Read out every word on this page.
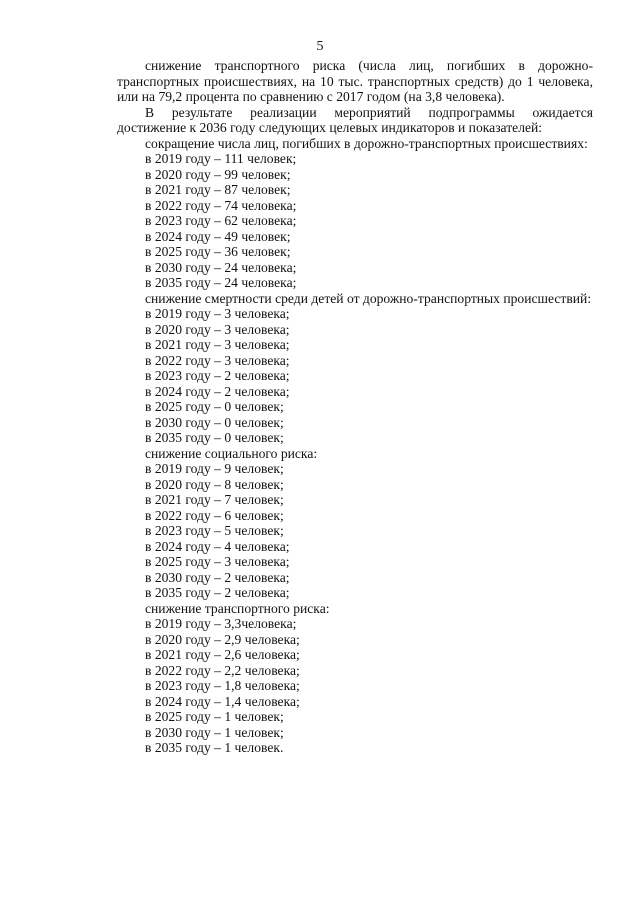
5

снижение транспортного риска (числа лиц, погибших в дорожно-транспортных происшествиях, на 10 тыс. транспортных средств) до 1 человека, или на 79,2 процента по сравнению с 2017 годом (на 3,8 человека).

В результате реализации мероприятий подпрограммы ожидается достижение к 2036 году следующих целевых индикаторов и показателей:

сокращение числа лиц, погибших в дорожно-транспортных происшествиях:

в 2019 году – 111 человек;
в 2020 году – 99 человек;
в 2021 году – 87 человек;
в 2022 году – 74 человека;
в 2023 году – 62 человека;
в 2024 году – 49 человек;
в 2025 году – 36 человек;
в 2030 году – 24 человека;
в 2035 году – 24 человека;

снижение смертности среди детей от дорожно-транспортных происшествий:

в 2019 году – 3 человека;
в 2020 году – 3 человека;
в 2021 году – 3 человека;
в 2022 году – 3 человека;
в 2023 году – 2 человека;
в 2024 году – 2 человека;
в 2025 году – 0 человек;
в 2030 году – 0 человек;
в 2035 году – 0 человек;

снижение социального риска:

в 2019 году – 9 человек;
в 2020 году – 8 человек;
в 2021 году – 7 человек;
в 2022 году – 6 человек;
в 2023 году – 5 человек;
в 2024 году – 4 человека;
в 2025 году – 3 человека;
в 2030 году – 2 человека;
в 2035 году – 2 человека;

снижение транспортного риска:

в 2019 году – 3,3человека;
в 2020 году – 2,9 человека;
в 2021 году – 2,6 человека;
в 2022 году – 2,2 человека;
в 2023 году – 1,8 человека;
в 2024 году – 1,4 человека;
в 2025 году – 1 человек;
в 2030 году – 1 человек;
в 2035 году – 1 человек.
